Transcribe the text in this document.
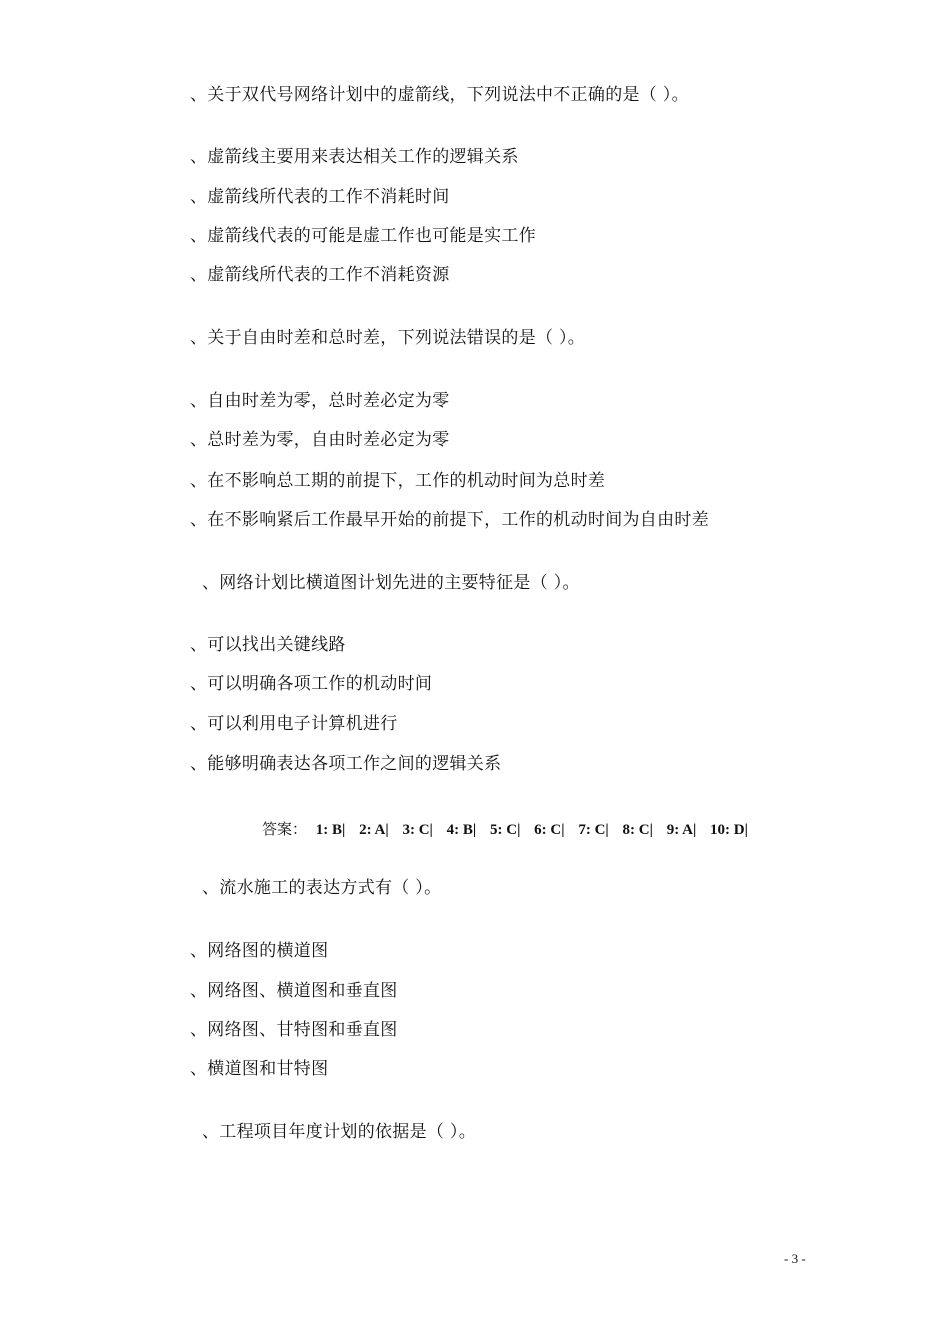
、关于双代号网络计划中的虚箭线，下列说法中不正确的是（ ）。
、虚箭线主要用来表达相关工作的逻辑关系
、虚箭线所代表的工作不消耗时间
、虚箭线代表的可能是虚工作也可能是实工作
、虚箭线所代表的工作不消耗资源
、关于自由时差和总时差，下列说法错误的是（ ）。
、自由时差为零，总时差必定为零
、总时差为零，自由时差必定为零
、在不影响总工期的前提下，工作的机动时间为总时差
、在不影响紧后工作最早开始的前提下，工作的机动时间为自由时差
、网络计划比横道图计划先进的主要特征是（ ）。
、可以找出关键线路
、可以明确各项工作的机动时间
、可以利用电子计算机进行
、能够明确表达各项工作之间的逻辑关系
答案： 1: B| 2: A| 3: C| 4: B| 5: C| 6: C| 7: C| 8: C| 9: A| 10: D|
、流水施工的表达方式有（ ）。
、网络图的横道图
、网络图、横道图和垂直图
、网络图、甘特图和垂直图
、横道图和甘特图
、工程项目年度计划的依据是（ ）。
- 3 -
